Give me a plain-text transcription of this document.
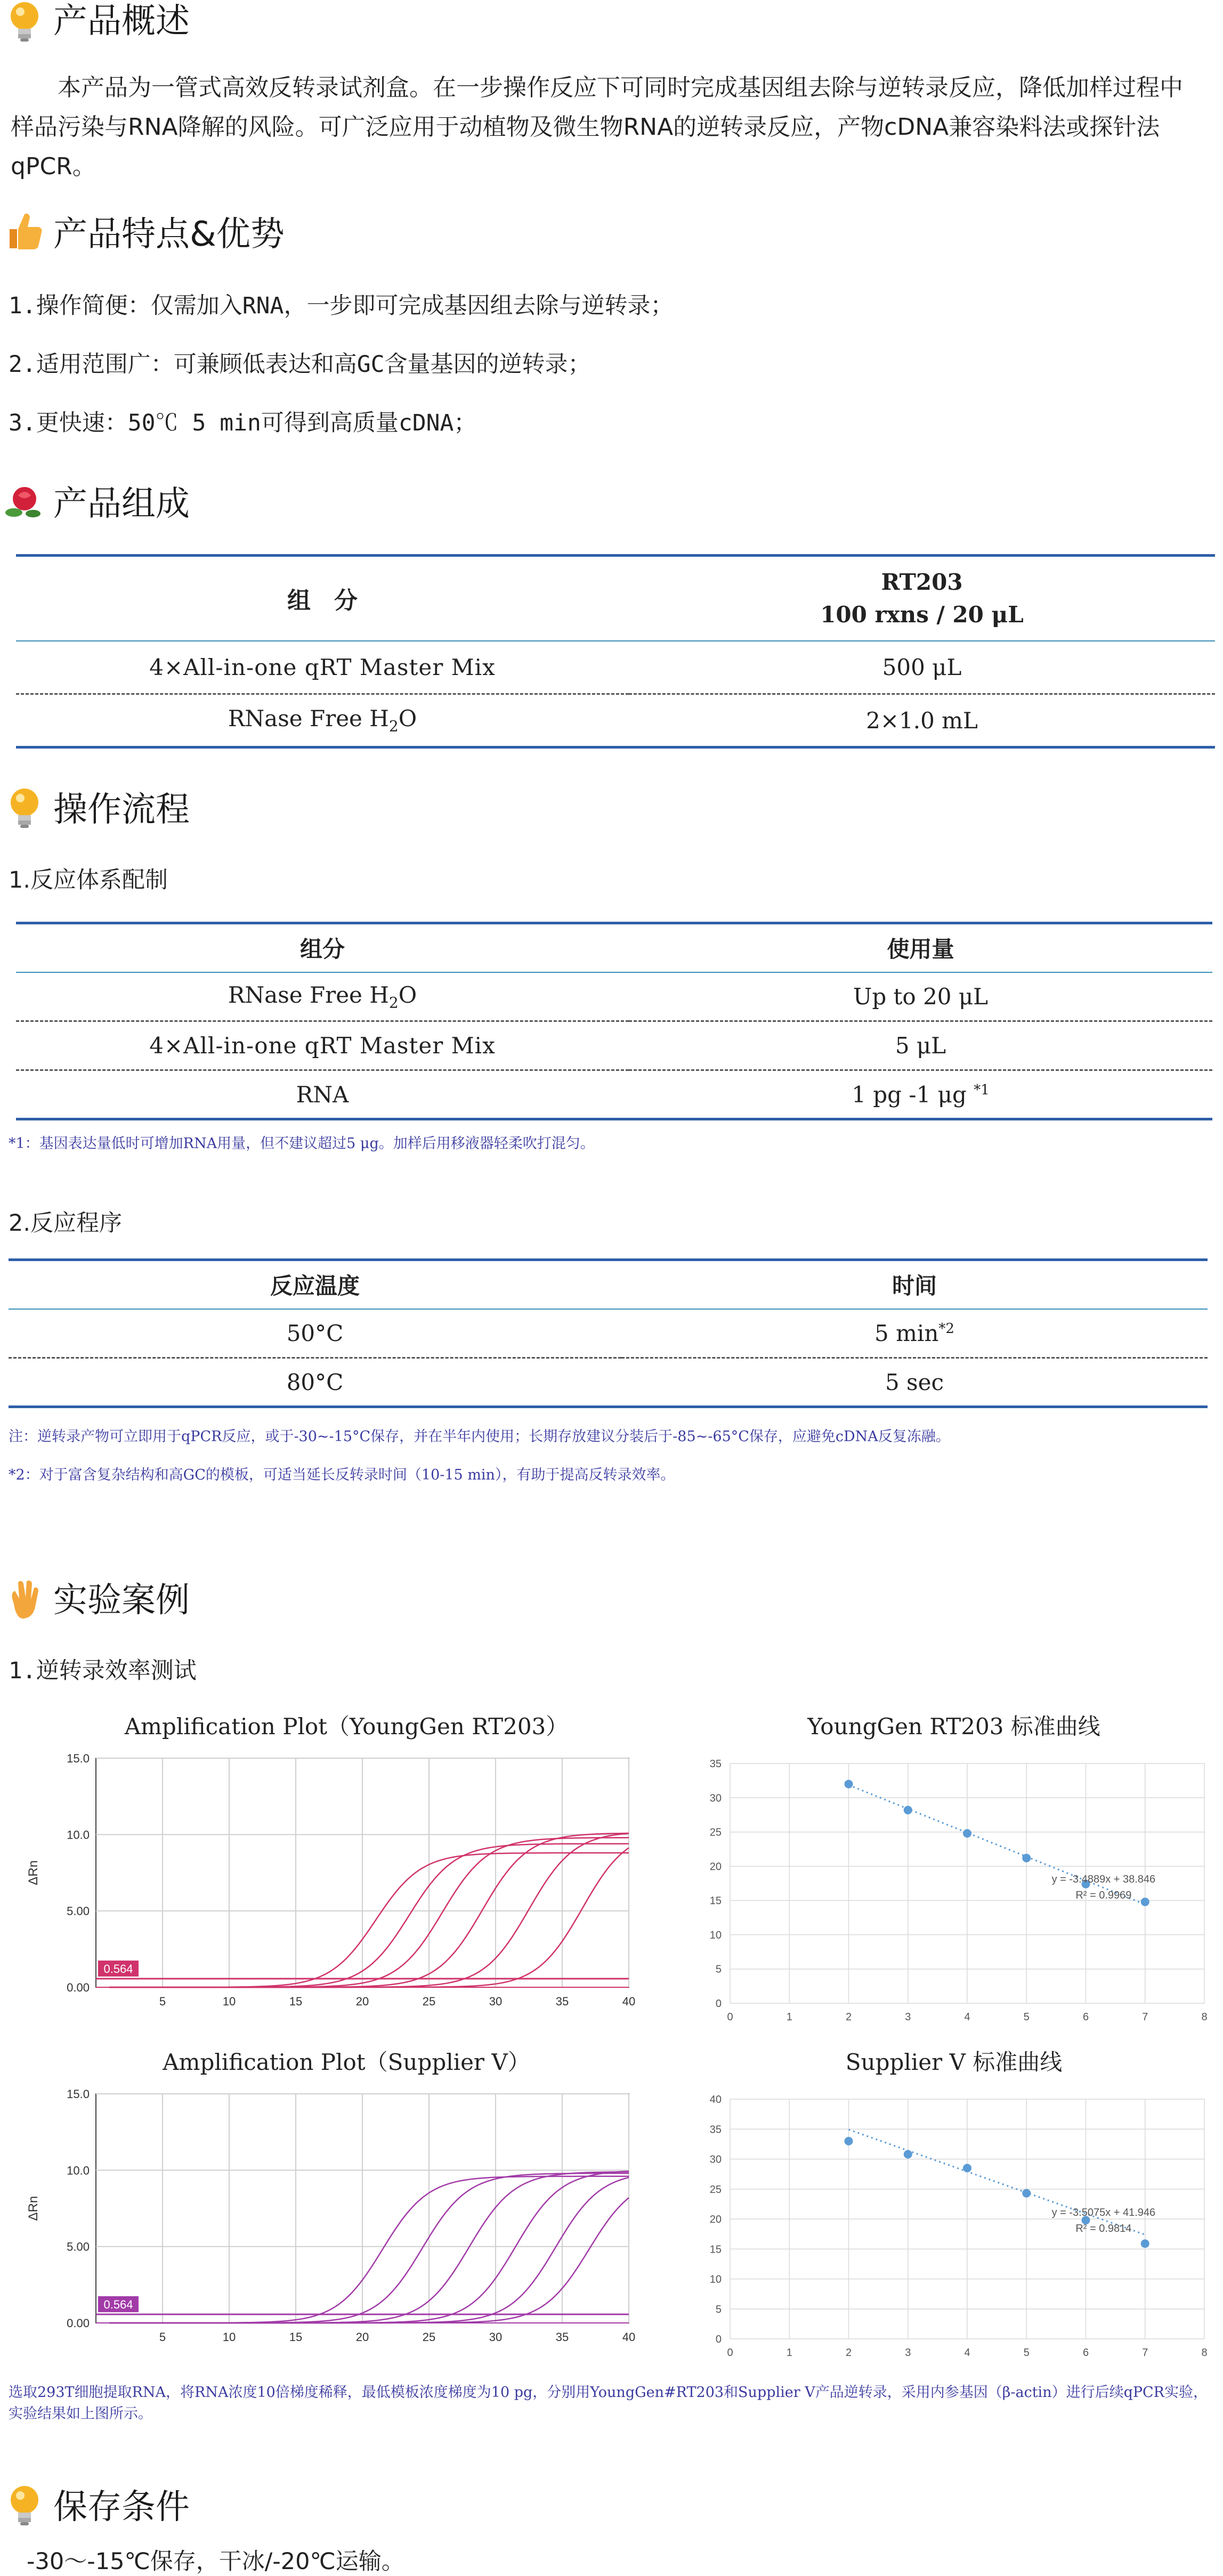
产品概述
本产品为一管式高效反转录试剂盒。在一步操作反应下可同时完成基因组去除与逆转录反应，降低加样过程中
样品污染与RNA降解的风险。可广泛应用于动植物及微生物RNA的逆转录反应，产物cDNA兼容染料法或探针法qPCR。
产品特点&优势
1.操作简便：仅需加入RNA，一步即可完成基因组去除与逆转录；
2.适用范围广：可兼顾低表达和高GC含量基因的逆转录；
3.更快速：50℃ 5 min可得到高质量cDNA；
产品组成
组　分	RT203
100 rxns / 20 μL

4×All-in-one qRT Master Mix	500 μL
RNase Free $H_2O$	2×1.0 mL
操作流程
1.反应体系配制
组分	使用量
RNase Free $H_2O$	Up to 20 μL
4×All-in-one qRT Master Mix	5 μL
RNA	1 pg -1 μg $^{*1}$
*1：基因表达量低时可增加RNA用量，但不建议超过5 μg。加样后用移液器轻柔吹打混匀。
2.反应程序
反应温度	时间
50°C	5 $\min^{*2}$
80°C	5 sec
注：逆转录产物可立即用于qPCR反应，或于-30~-15°C保存，并在半年内使用；长期存放建议分装后于-85~-65°C保存，应避免cDNA反复冻融。
*2：对于富含复杂结构和高GC的模板，可适当延长反转录时间（10-15 min），有助于提高反转录效率。
实验案例
1.逆转录效率测试
Amplification Plot（YoungGen RT203）	YoungGen RT203 标准曲线
Amplification Plot（Supplier V）	Supplier V 标准曲线
5	10	15	20	25	30	35	40
0.00
5.00
10.0
15.0
ΔRn
0.564
0	1	2	3	4	5	6	7	8
0
5
10
15
20
25
30
35
y = -3.4889x + 38.846
R² = 0.9969
5	10	15	20	25	30	35	40
0.00
5.00
10.0
15.0
ΔRn
0.564
0	1	2	3	4	5	6	7	8
0
5
10
15
20
25
30
35
40
y = -3.5075x + 41.946
R² = 0.9814
选取293T细胞提取RNA，将RNA浓度10倍梯度稀释，最低模板浓度梯度为10 pg，分别用YoungGen#RT203和Supplier V产品逆转录，采用内参基因（β-actin）进行后续qPCR实验，
实验结果如上图所示。
保存条件
-30～-15℃保存，干冰/-20℃运输。
